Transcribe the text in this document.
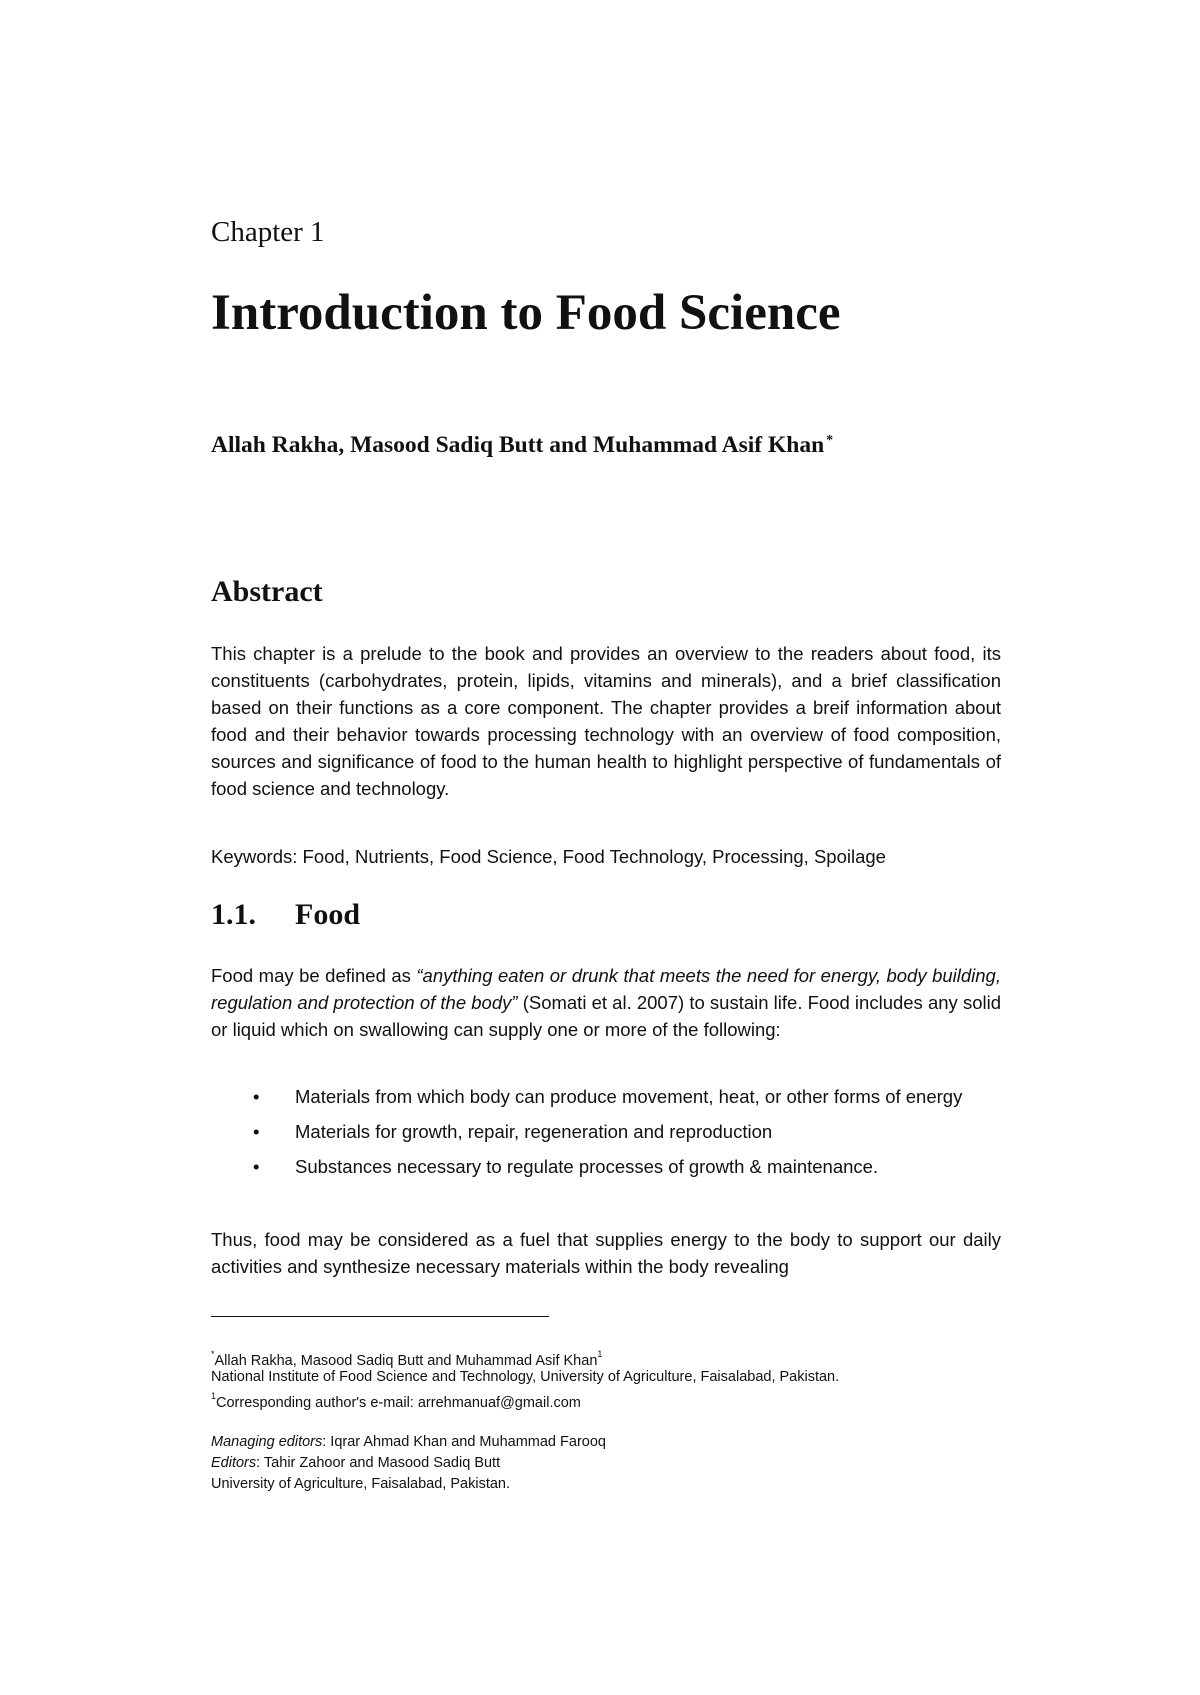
Chapter 1
Introduction to Food Science

Allah Rakha, Masood Sadiq Butt and Muhammad Asif Khan *

Abstract

This chapter is a prelude to the book and provides an overview to the readers about food, its constituents (carbohydrates, protein, lipids, vitamins and minerals), and a brief classification based on their functions as a core component. The chapter provides a breif information about food and their behavior towards processing technology with an overview of food composition, sources and significance of food to the human health to highlight perspective of fundamentals of food science and technology.

Keywords: Food, Nutrients, Food Science, Food Technology, Processing, Spoilage

1.1. Food

Food may be defined as “anything eaten or drunk that meets the need for energy, body building, regulation and protection of the body” (Somati et al. 2007) to sustain life. Food includes any solid or liquid which on swallowing can supply one or more of the following:

• Materials from which body can produce movement, heat, or other forms of energy
• Materials for growth, repair, regeneration and reproduction
• Substances necessary to regulate processes of growth & maintenance.

Thus, food may be considered as a fuel that supplies energy to the body to support our daily activities and synthesize necessary materials within the body revealing

*Allah Rakha, Masood Sadiq Butt and Muhammad Asif Khan$^1$

National Institute of Food Science and Technology, University of Agriculture, Faisalabad, Pakistan.

$^1$Corresponding author's e-mail: arrehmanuaf@gmail.com

Managing editors: Iqrar Ahmad Khan and Muhammad Farooq

Editors: Tahir Zahoor and Masood Sadiq Butt

University of Agriculture, Faisalabad, Pakistan.
